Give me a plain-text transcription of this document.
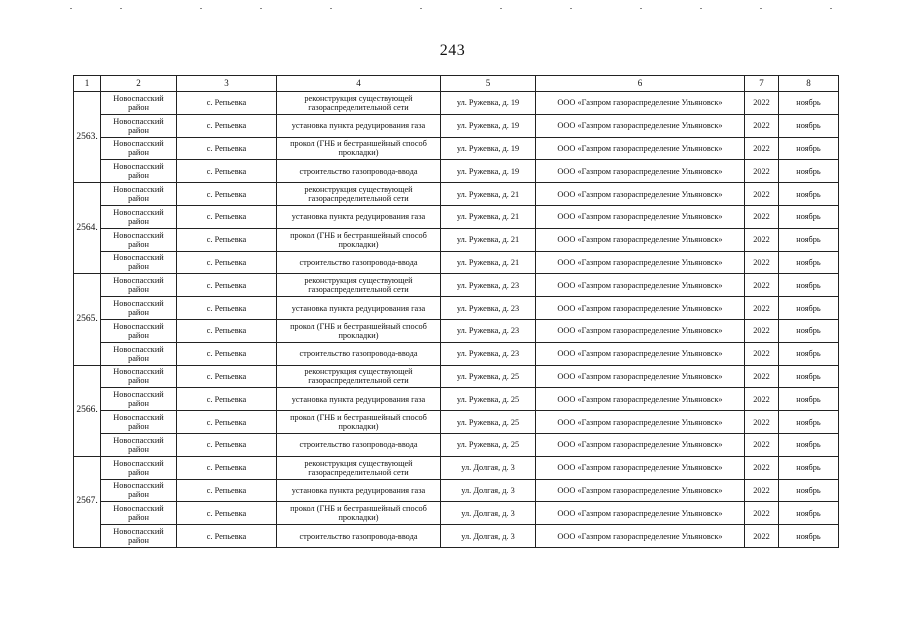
243
1	2	3	4	5	6	7	8
2563.	Новоспасский район	с. Репьевка	реконструкция существующей газораспределительной сети	ул. Ружевка, д. 19	ООО «Газпром газораспределение Ульяновск»	2022	ноябрь
	Новоспасский район	с. Репьевка	установка пункта редуцирования газа	ул. Ружевка, д. 19	ООО «Газпром газораспределение Ульяновск»	2022	ноябрь
	Новоспасский район	с. Репьевка	прокол (ГНБ и бестраншейный способ прокладки)	ул. Ружевка, д. 19	ООО «Газпром газораспределение Ульяновск»	2022	ноябрь
	Новоспасский район	с. Репьевка	строительство газопровода-ввода	ул. Ружевка, д. 19	ООО «Газпром газораспределение Ульяновск»	2022	ноябрь
2564.	Новоспасский район	с. Репьевка	реконструкция существующей газораспределительной сети	ул. Ружевка, д. 21	ООО «Газпром газораспределение Ульяновск»	2022	ноябрь
	Новоспасский район	с. Репьевка	установка пункта редуцирования газа	ул. Ружевка, д. 21	ООО «Газпром газораспределение Ульяновск»	2022	ноябрь
	Новоспасский район	с. Репьевка	прокол (ГНБ и бестраншейный способ прокладки)	ул. Ружевка, д. 21	ООО «Газпром газораспределение Ульяновск»	2022	ноябрь
	Новоспасский район	с. Репьевка	строительство газопровода-ввода	ул. Ружевка, д. 21	ООО «Газпром газораспределение Ульяновск»	2022	ноябрь
2565.	Новоспасский район	с. Репьевка	реконструкция существующей газораспределительной сети	ул. Ружевка, д. 23	ООО «Газпром газораспределение Ульяновск»	2022	ноябрь
	Новоспасский район	с. Репьевка	установка пункта редуцирования газа	ул. Ружевка, д. 23	ООО «Газпром газораспределение Ульяновск»	2022	ноябрь
	Новоспасский район	с. Репьевка	прокол (ГНБ и бестраншейный способ прокладки)	ул. Ружевка, д. 23	ООО «Газпром газораспределение Ульяновск»	2022	ноябрь
	Новоспасский район	с. Репьевка	строительство газопровода-ввода	ул. Ружевка, д. 23	ООО «Газпром газораспределение Ульяновск»	2022	ноябрь
2566.	Новоспасский район	с. Репьевка	реконструкция существующей газораспределительной сети	ул. Ружевка, д. 25	ООО «Газпром газораспределение Ульяновск»	2022	ноябрь
	Новоспасский район	с. Репьевка	установка пункта редуцирования газа	ул. Ружевка, д. 25	ООО «Газпром газораспределение Ульяновск»	2022	ноябрь
	Новоспасский район	с. Репьевка	прокол (ГНБ и бестраншейный способ прокладки)	ул. Ружевка, д. 25	ООО «Газпром газораспределение Ульяновск»	2022	ноябрь
	Новоспасский район	с. Репьевка	строительство газопровода-ввода	ул. Ружевка, д. 25	ООО «Газпром газораспределение Ульяновск»	2022	ноябрь
2567.	Новоспасский район	с. Репьевка	реконструкция существующей газораспределительной сети	ул. Долгая, д. 3	ООО «Газпром газораспределение Ульяновск»	2022	ноябрь
	Новоспасский район	с. Репьевка	установка пункта редуцирования газа	ул. Долгая, д. 3	ООО «Газпром газораспределение Ульяновск»	2022	ноябрь
	Новоспасский район	с. Репьевка	прокол (ГНБ и бестраншейный способ прокладки)	ул. Долгая, д. 3	ООО «Газпром газораспределение Ульяновск»	2022	ноябрь
	Новоспасский район	с. Репьевка	строительство газопровода-ввода	ул. Долгая, д. 3	ООО «Газпром газораспределение Ульяновск»	2022	ноябрь
